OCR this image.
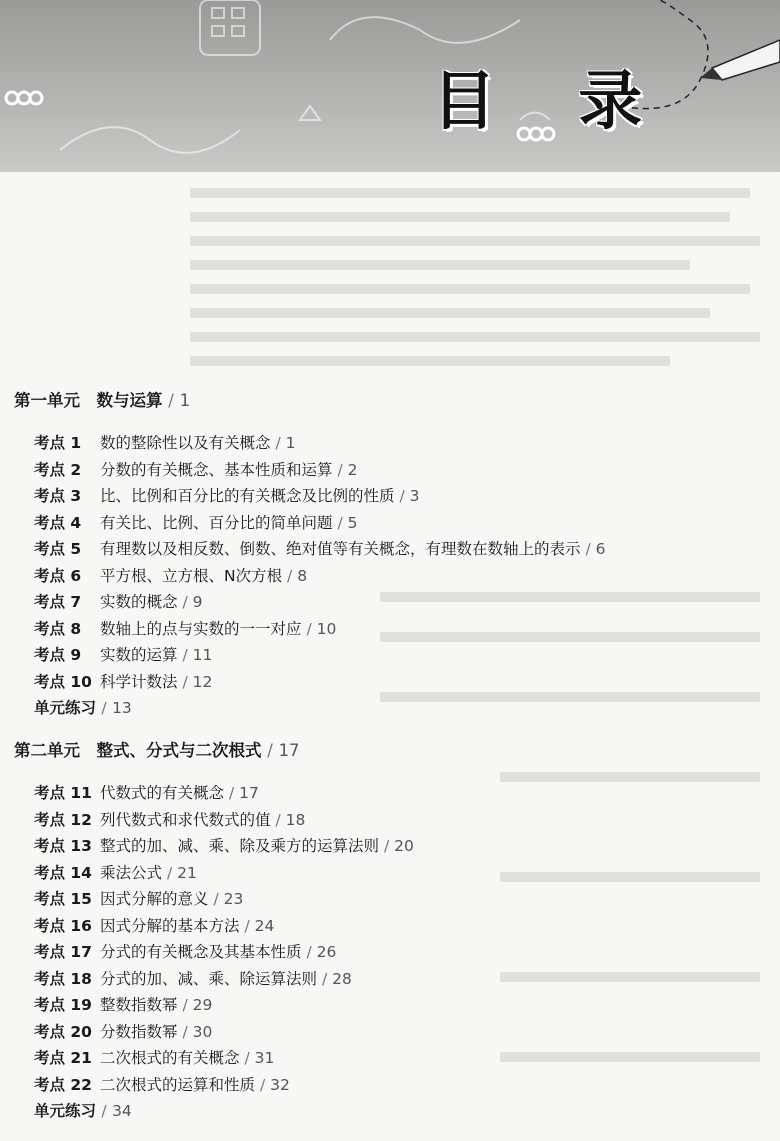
目 录
第一单元　数与运算 / 1
考点 1 数的整除性以及有关概念 / 1
考点 2 分数的有关概念、基本性质和运算 / 2
考点 3 比、比例和百分比的有关概念及比例的性质 / 3
考点 4 有关比、比例、百分比的简单问题 / 5
考点 5 有理数以及相反数、倒数、绝对值等有关概念，有理数在数轴上的表示 / 6
考点 6 平方根、立方根、N次方根 / 8
考点 7 实数的概念 / 9
考点 8 数轴上的点与实数的一一对应 / 10
考点 9 实数的运算 / 11
考点 10 科学计数法 / 12
单元练习 / 13
第二单元　整式、分式与二次根式 / 17
考点 11 代数式的有关概念 / 17
考点 12 列代数式和求代数式的值 / 18
考点 13 整式的加、减、乘、除及乘方的运算法则 / 20
考点 14 乘法公式 / 21
考点 15 因式分解的意义 / 23
考点 16 因式分解的基本方法 / 24
考点 17 分式的有关概念及其基本性质 / 26
考点 18 分式的加、减、乘、除运算法则 / 28
考点 19 整数指数幂 / 29
考点 20 分数指数幂 / 30
考点 21 二次根式的有关概念 / 31
考点 22 二次根式的运算和性质 / 32
单元练习 / 34
